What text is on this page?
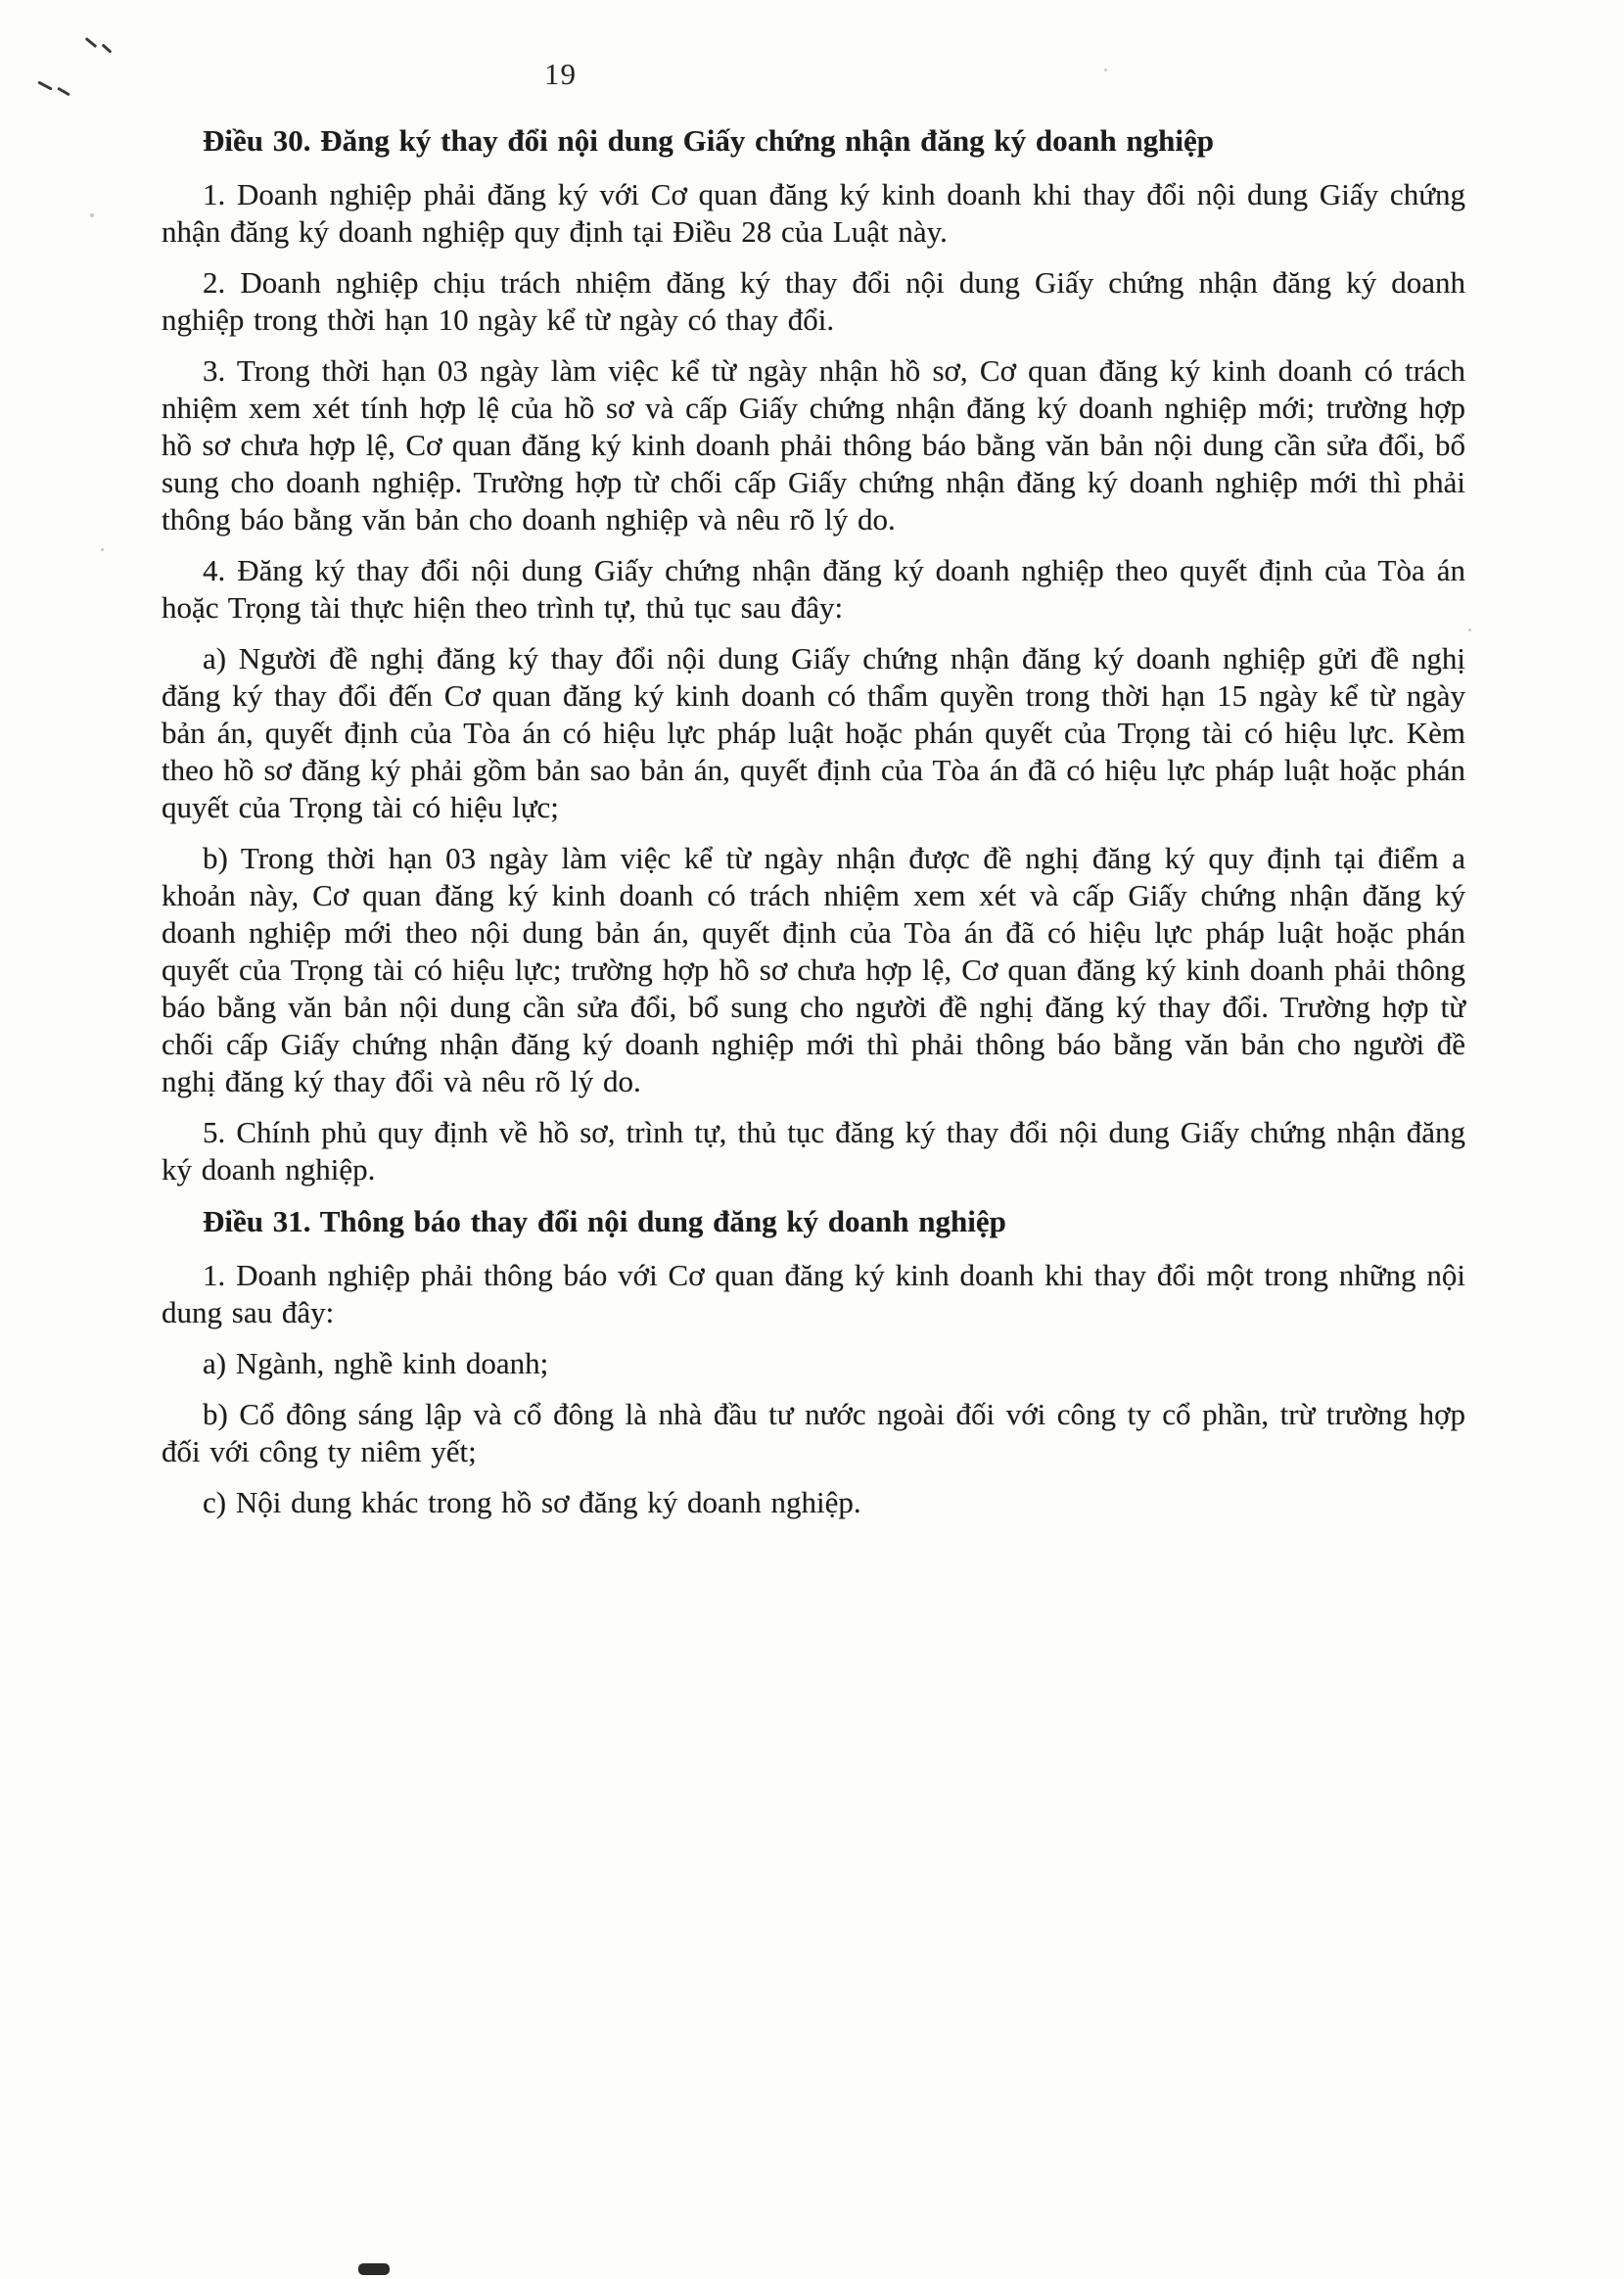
19
Điều 30. Đăng ký thay đổi nội dung Giấy chứng nhận đăng ký doanh nghiệp

1. Doanh nghiệp phải đăng ký với Cơ quan đăng ký kinh doanh khi thay đổi nội dung Giấy chứng nhận đăng ký doanh nghiệp quy định tại Điều 28 của Luật này.

2. Doanh nghiệp chịu trách nhiệm đăng ký thay đổi nội dung Giấy chứng nhận đăng ký doanh nghiệp trong thời hạn 10 ngày kể từ ngày có thay đổi.

3. Trong thời hạn 03 ngày làm việc kể từ ngày nhận hồ sơ, Cơ quan đăng ký kinh doanh có trách nhiệm xem xét tính hợp lệ của hồ sơ và cấp Giấy chứng nhận đăng ký doanh nghiệp mới; trường hợp hồ sơ chưa hợp lệ, Cơ quan đăng ký kinh doanh phải thông báo bằng văn bản nội dung cần sửa đổi, bổ sung cho doanh nghiệp. Trường hợp từ chối cấp Giấy chứng nhận đăng ký doanh nghiệp mới thì phải thông báo bằng văn bản cho doanh nghiệp và nêu rõ lý do.

4. Đăng ký thay đổi nội dung Giấy chứng nhận đăng ký doanh nghiệp theo quyết định của Tòa án hoặc Trọng tài thực hiện theo trình tự, thủ tục sau đây:

a) Người đề nghị đăng ký thay đổi nội dung Giấy chứng nhận đăng ký doanh nghiệp gửi đề nghị đăng ký thay đổi đến Cơ quan đăng ký kinh doanh có thẩm quyền trong thời hạn 15 ngày kể từ ngày bản án, quyết định của Tòa án có hiệu lực pháp luật hoặc phán quyết của Trọng tài có hiệu lực. Kèm theo hồ sơ đăng ký phải gồm bản sao bản án, quyết định của Tòa án đã có hiệu lực pháp luật hoặc phán quyết của Trọng tài có hiệu lực;

b) Trong thời hạn 03 ngày làm việc kể từ ngày nhận được đề nghị đăng ký quy định tại điểm a khoản này, Cơ quan đăng ký kinh doanh có trách nhiệm xem xét và cấp Giấy chứng nhận đăng ký doanh nghiệp mới theo nội dung bản án, quyết định của Tòa án đã có hiệu lực pháp luật hoặc phán quyết của Trọng tài có hiệu lực; trường hợp hồ sơ chưa hợp lệ, Cơ quan đăng ký kinh doanh phải thông báo bằng văn bản nội dung cần sửa đổi, bổ sung cho người đề nghị đăng ký thay đổi. Trường hợp từ chối cấp Giấy chứng nhận đăng ký doanh nghiệp mới thì phải thông báo bằng văn bản cho người đề nghị đăng ký thay đổi và nêu rõ lý do.

5. Chính phủ quy định về hồ sơ, trình tự, thủ tục đăng ký thay đổi nội dung Giấy chứng nhận đăng ký doanh nghiệp.

Điều 31. Thông báo thay đổi nội dung đăng ký doanh nghiệp

1. Doanh nghiệp phải thông báo với Cơ quan đăng ký kinh doanh khi thay đổi một trong những nội dung sau đây:

a) Ngành, nghề kinh doanh;

b) Cổ đông sáng lập và cổ đông là nhà đầu tư nước ngoài đối với công ty cổ phần, trừ trường hợp đối với công ty niêm yết;

c) Nội dung khác trong hồ sơ đăng ký doanh nghiệp.
